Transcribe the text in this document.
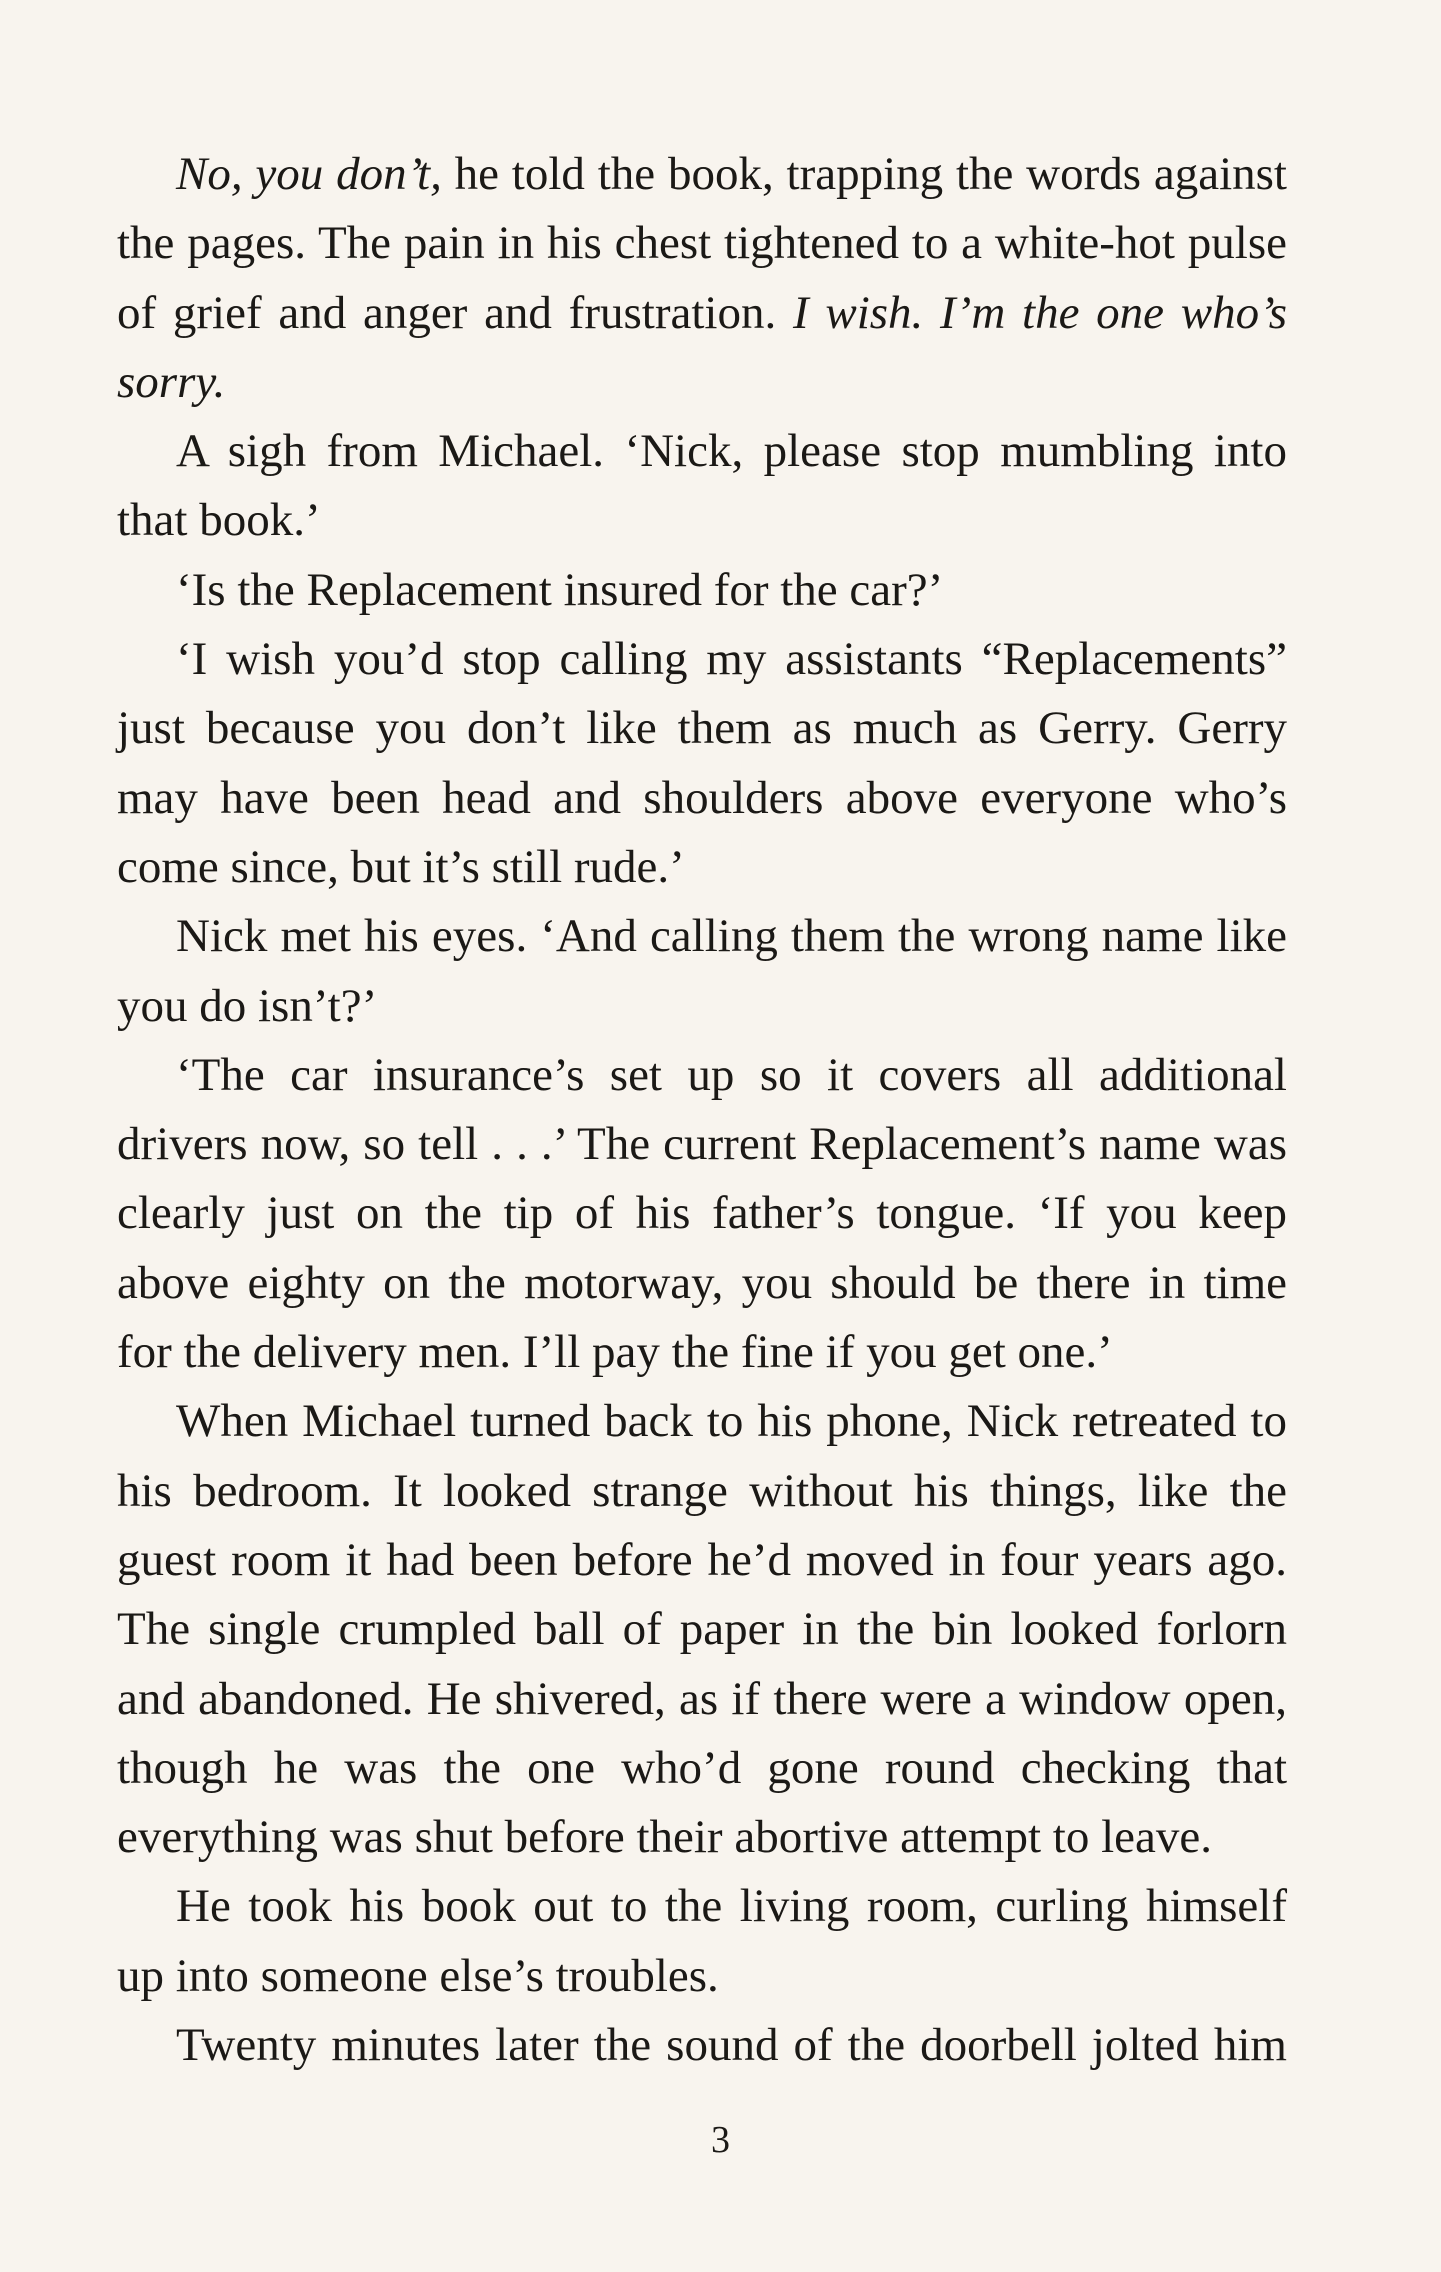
No, you don’t, he told the book, trapping the words against the pages. The pain in his chest tightened to a white-hot pulse of grief and anger and frustration. I wish. I’m the one who’s sorry.

A sigh from Michael. ‘Nick, please stop mumbling into that book.’

‘Is the Replacement insured for the car?’

‘I wish you’d stop calling my assistants “Replacements” just because you don’t like them as much as Gerry. Gerry may have been head and shoulders above everyone who’s come since, but it’s still rude.’

Nick met his eyes. ‘And calling them the wrong name like you do isn’t?’

‘The car insurance’s set up so it covers all additional drivers now, so tell . . .’ The current Replacement’s name was clearly just on the tip of his father’s tongue. ‘If you keep above eighty on the motorway, you should be there in time for the delivery men. I’ll pay the fine if you get one.’

When Michael turned back to his phone, Nick retreated to his bedroom. It looked strange without his things, like the guest room it had been before he’d moved in four years ago. The single crumpled ball of paper in the bin looked forlorn and abandoned. He shivered, as if there were a window open, though he was the one who’d gone round checking that everything was shut before their abortive attempt to leave.

He took his book out to the living room, curling himself up into someone else’s troubles.

Twenty minutes later the sound of the doorbell jolted him

3
